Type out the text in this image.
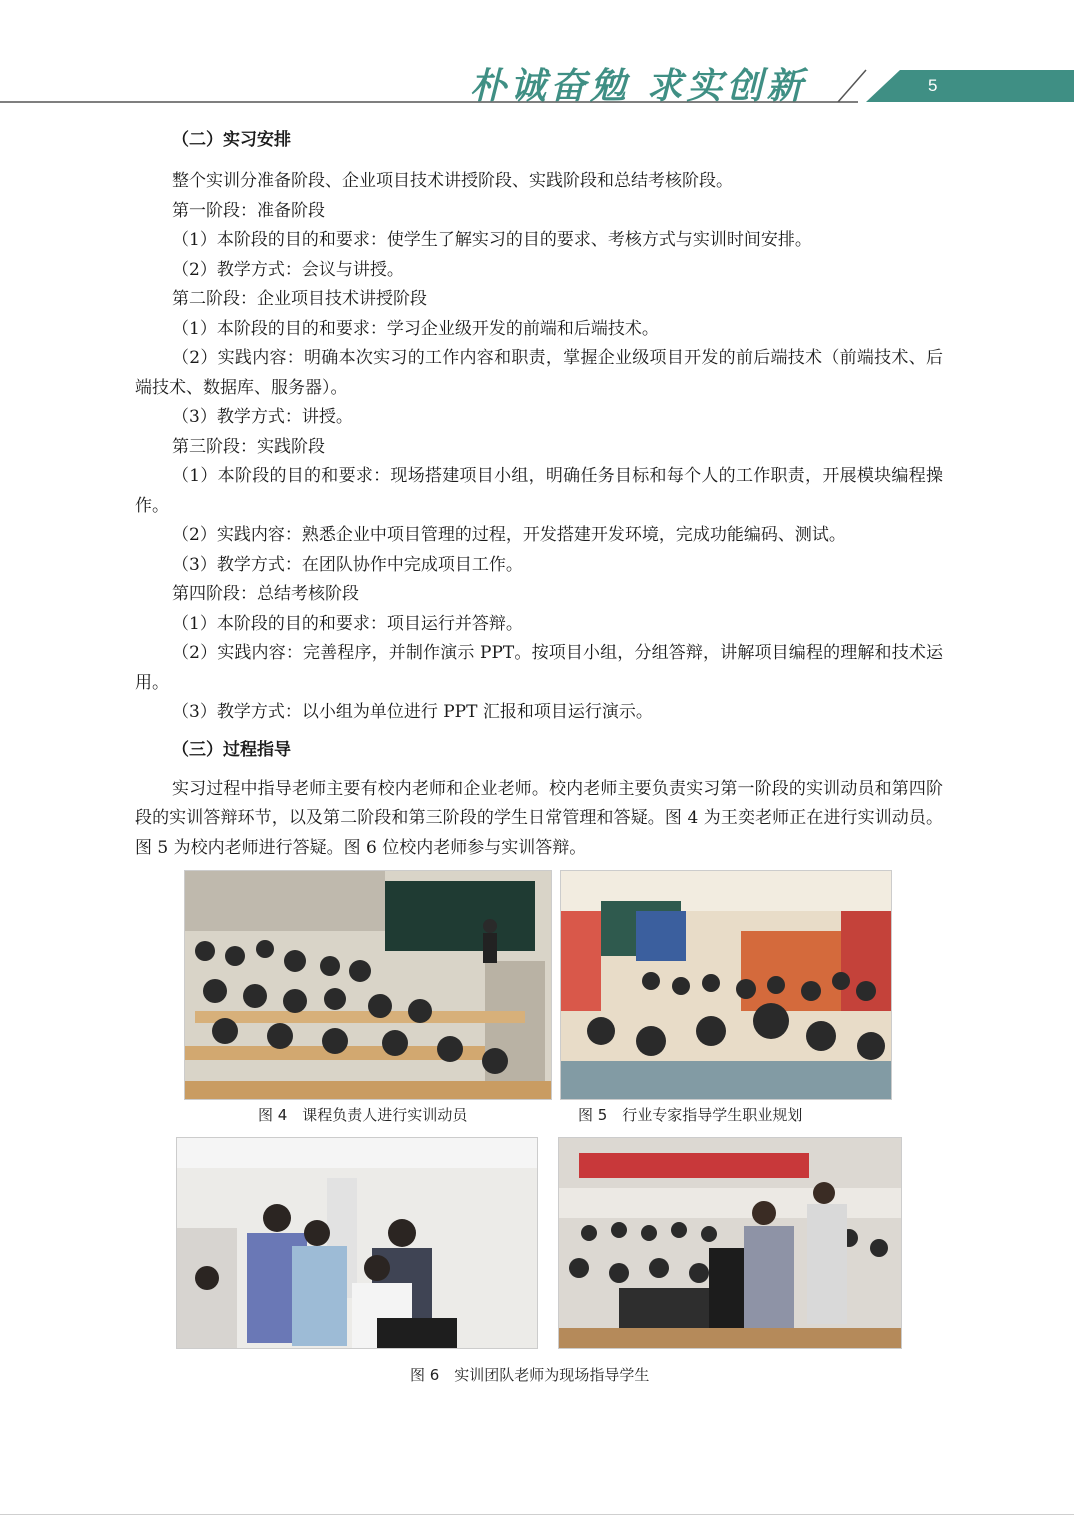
朴诚奋勉 求实创新	5
（二）实习安排

整个实训分准备阶段、企业项目技术讲授阶段、实践阶段和总结考核阶段。

第一阶段：准备阶段

（1）本阶段的目的和要求：使学生了解实习的目的要求、考核方式与实训时间安排。

（2）教学方式：会议与讲授。

第二阶段：企业项目技术讲授阶段

（1）本阶段的目的和要求：学习企业级开发的前端和后端技术。

（2）实践内容：明确本次实习的工作内容和职责，掌握企业级项目开发的前后端技术（前端技术、后端技术、数据库、服务器）。

（3）教学方式：讲授。

第三阶段：实践阶段

（1）本阶段的目的和要求：现场搭建项目小组，明确任务目标和每个人的工作职责，开展模块编程操作。

（2）实践内容：熟悉企业中项目管理的过程，开发搭建开发环境，完成功能编码、测试。

（3）教学方式：在团队协作中完成项目工作。

第四阶段：总结考核阶段

（1）本阶段的目的和要求：项目运行并答辩。

（2）实践内容：完善程序，并制作演示 PPT。按项目小组，分组答辩，讲解项目编程的理解和技术运用。

（3）教学方式：以小组为单位进行 PPT 汇报和项目运行演示。

（三）过程指导

实习过程中指导老师主要有校内老师和企业老师。校内老师主要负责实习第一阶段的实训动员和第四阶段的实训答辩环节，以及第二阶段和第三阶段的学生日常管理和答疑。图 4 为王奕老师正在进行实训动员。图 5 为校内老师进行答疑。图 6 位校内老师参与实训答辩。

图 4　课程负责人进行实训动员	图 5　行业专家指导学生职业规划
图 6　实训团队老师为现场指导学生
